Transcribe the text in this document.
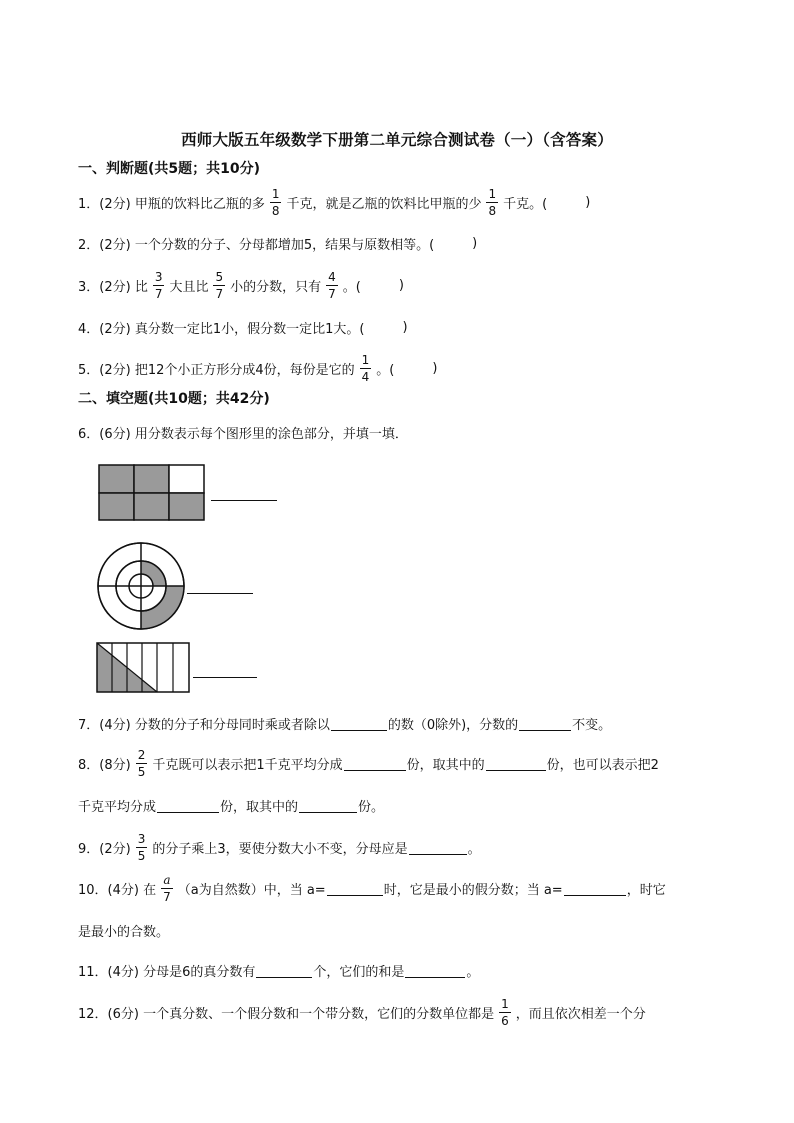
西师大版五年级数学下册第二单元综合测试卷（一）（含答案）
一、判断题(共5题；共10分)
1．(2分) 甲瓶的饮料比乙瓶的多 $\frac{1}{8}$ 千克，就是乙瓶的饮料比甲瓶的少 $\frac{1}{8}$ 千克。(	)
2．(2分) 一个分数的分子、分母都增加5，结果与原数相等。(	)
3．(2分) 比 $\frac{3}{7}$ 大且比 $\frac{5}{7}$ 小的分数，只有 $\frac{4}{7}$ 。(	)
4．(2分) 真分数一定比1小，假分数一定比1大。(	)
5．(2分) 把12个小正方形分成4份，每份是它的 $\frac{1}{4}$ 。(	)
二、填空题(共10题；共42分)
6．(6分) 用分数表示每个图形里的涂色部分，并填一填．
7．(4分) 分数的分子和分母同时乘或者除以	的数（0除外)，分数的	不变。
8．(8分) $\frac{2}{5}$ 千克既可以表示把1千克平均分成	份，取其中的	份，也可以表示把2
千克平均分成	份，取其中的	份。
9．(2分) $\frac{3}{5}$ 的分子乘上3，要使分数大小不变，分母应是	。
10．(4分) 在 $\frac{a}{7} (a$为自然数）中，当 a=	时，它是最小的假分数；当 a=	，时它
是最小的合数。
11．(4分) 分母是6的真分数有	个，它们的和是	。
12．(6分) 一个真分数、一个假分数和一个带分数，它们的分数单位都是 $\frac{1}{6}$ ，而且依次相差一个分
